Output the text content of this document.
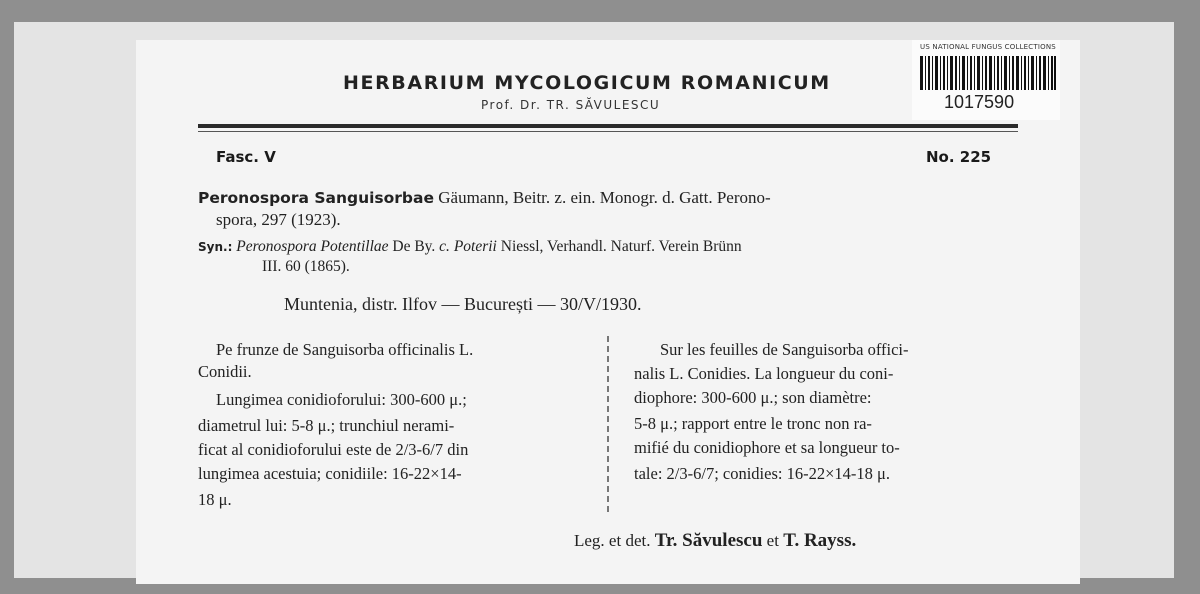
HERBARIUM MYCOLOGICUM ROMANICUM
Prof. Dr. TR. SĂVULESCU
US NATIONAL FUNGUS COLLECTIONS
1017590
Fasc. V	No. 225
Peronospora Sanguisorbae Gäumann, Beitr. z. ein. Monogr. d. Gatt. Perono-
spora, 297 (1923).
Syn.: Peronospora Potentillae De By. c. Poterii Niessl, Verhandl. Naturf. Verein Brünn
III. 60 (1865).
Muntenia, distr. Ilfov — București — 30/V/1930.
Pe frunze de Sanguisorba officinalis L.
Conidii.
Lungimea conidioforului: 300-600 μ.;
diametrul lui: 5-8 μ.; trunchiul nerami-
ficat al conidioforului este de 2/3-6/7 din
lungimea acestuia; conidiile: 16-22×14-
18 μ.
Sur les feuilles de Sanguisorba offici-
nalis L. Conidies. La longueur du coni-
diophore: 300-600 μ.; son diamètre:
5-8 μ.; rapport entre le tronc non ra-
mifié du conidiophore et sa longueur to-
tale: 2/3-6/7; conidies: 16-22×14-18 μ.
Leg. et det. Tr. Săvulescu et T. Rayss.
